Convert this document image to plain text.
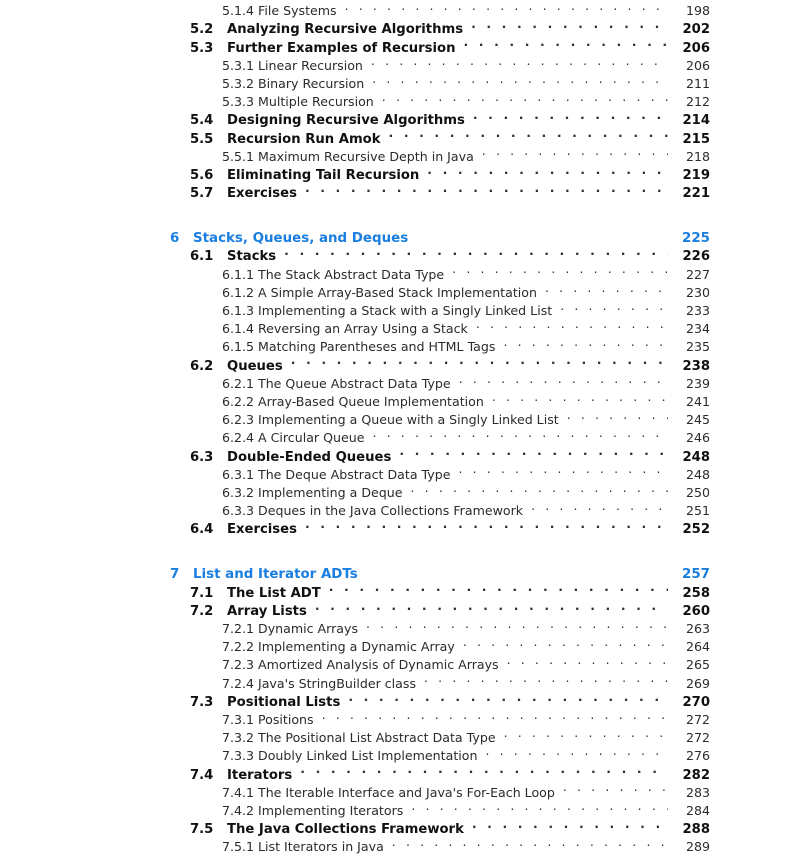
5.1.4 File Systems . . .	198
5.2	Analyzing Recursive Algorithms . . .	202
5.3	Further Examples of Recursion . . .	206
5.3.1 Linear Recursion . . .	206
5.3.2 Binary Recursion . . .	211
5.3.3 Multiple Recursion . . .	212
5.4	Designing Recursive Algorithms . . .	214
5.5	Recursion Run Amok . . .	215
5.5.1 Maximum Recursive Depth in Java . . .	218
5.6	Eliminating Tail Recursion . . .	219
5.7	Exercises . . .	221
6	Stacks, Queues, and Deques	225
6.1	Stacks . . .	226
6.1.1 The Stack Abstract Data Type . . .	227
6.1.2 A Simple Array-Based Stack Implementation . . .	230
6.1.3 Implementing a Stack with a Singly Linked List . . .	233
6.1.4 Reversing an Array Using a Stack . . .	234
6.1.5 Matching Parentheses and HTML Tags . . .	235
6.2	Queues . . .	238
6.2.1 The Queue Abstract Data Type . . .	239
6.2.2 Array-Based Queue Implementation . . .	241
6.2.3 Implementing a Queue with a Singly Linked List . . .	245
6.2.4 A Circular Queue . . .	246
6.3	Double-Ended Queues . . .	248
6.3.1 The Deque Abstract Data Type . . .	248
6.3.2 Implementing a Deque . . .	250
6.3.3 Deques in the Java Collections Framework . . .	251
6.4	Exercises . . .	252
7	List and Iterator ADTs	257
7.1	The List ADT . . .	258
7.2	Array Lists . . .	260
7.2.1 Dynamic Arrays . . .	263
7.2.2 Implementing a Dynamic Array . . .	264
7.2.3 Amortized Analysis of Dynamic Arrays . . .	265
7.2.4 Java's StringBuilder class . . .	269
7.3	Positional Lists . . .	270
7.3.1 Positions . . .	272
7.3.2 The Positional List Abstract Data Type . . .	272
7.3.3 Doubly Linked List Implementation . . .	276
7.4	Iterators . . .	282
7.4.1 The Iterable Interface and Java's For-Each Loop . . .	283
7.4.2 Implementing Iterators . . .	284
7.5	The Java Collections Framework . . .	288
7.5.1 List Iterators in Java . . .	289
